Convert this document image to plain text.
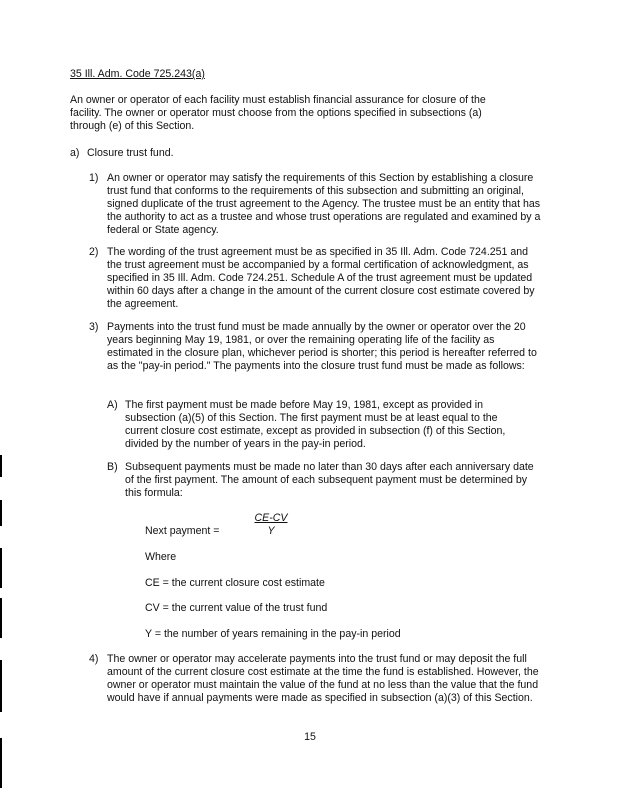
35 Ill. Adm. Code 725.243(a)

An owner or operator of each facility must establish financial assurance for closure of the facility. The owner or operator must choose from the options specified in subsections (a) through (e) of this Section.

a) Closure trust fund.
1) An owner or operator may satisfy the requirements of this Section by establishing a closure trust fund that conforms to the requirements of this subsection and submitting an original, signed duplicate of the trust agreement to the Agency. The trustee must be an entity that has the authority to act as a trustee and whose trust operations are regulated and examined by a federal or State agency.

2) The wording of the trust agreement must be as specified in 35 Ill. Adm. Code 724.251 and the trust agreement must be accompanied by a formal certification of acknowledgment, as specified in 35 Ill. Adm. Code 724.251. Schedule A of the trust agreement must be updated within 60 days after a change in the amount of the current closure cost estimate covered by the agreement.

3) Payments into the trust fund must be made annually by the owner or operator over the 20 years beginning May 19, 1981, or over the remaining operating life of the facility as estimated in the closure plan, whichever period is shorter; this period is hereafter referred to as the "pay-in period." The payments into the closure trust fund must be made as follows:

A) The first payment must be made before May 19, 1981, except as provided in subsection (a)(5) of this Section. The first payment must be at least equal to the current closure cost estimate, except as provided in subsection (f) of this Section, divided by the number of years in the pay-in period.

B) Subsequent payments must be made no later than 30 days after each anniversary date of the first payment. The amount of each subsequent payment must be determined by this formula:

Next payment =
CE-CV
Y
Where
CE = the current closure cost estimate
CV = the current value of the trust fund
Y = the number of years remaining in the pay-in period
4) The owner or operator may accelerate payments into the trust fund or may deposit the full amount of the current closure cost estimate at the time the fund is established. However, the owner or operator must maintain the value of the fund at no less than the value that the fund would have if annual payments were made as specified in subsection (a)(3) of this Section.

15
